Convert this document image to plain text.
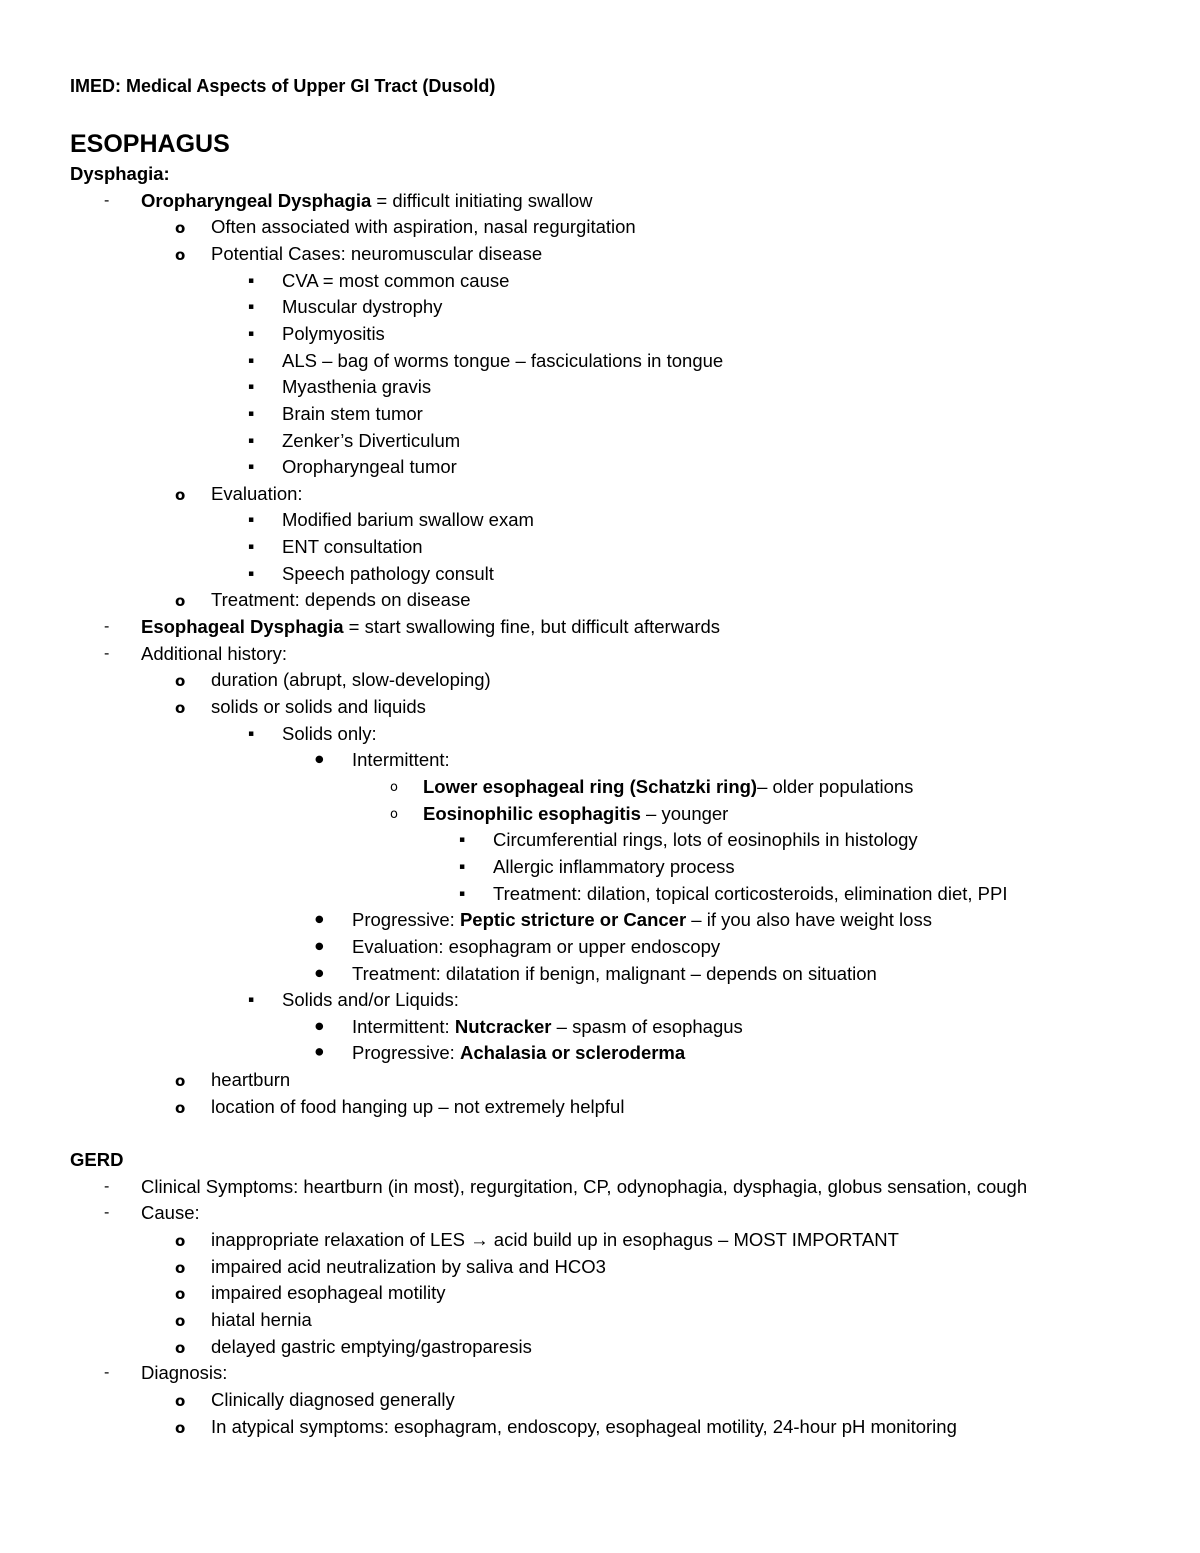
IMED: Medical Aspects of Upper GI Tract (Dusold)
ESOPHAGUS
Dysphagia:
Oropharyngeal Dysphagia = difficult initiating swallow
-
Often associated with aspiration, nasal regurgitation
o
Potential Cases: neuromuscular disease
o
CVA = most common cause
▪
Muscular dystrophy
▪
Polymyositis
▪
ALS – bag of worms tongue – fasciculations in tongue
▪
Myasthenia gravis
▪
Brain stem tumor
▪
Zenker’s Diverticulum
▪
Oropharyngeal tumor
▪
Evaluation:
o
Modified barium swallow exam
▪
ENT consultation
▪
Speech pathology consult
▪
Treatment: depends on disease
o
Esophageal Dysphagia = start swallowing fine, but difficult afterwards
-
Additional history:
-
duration (abrupt, slow-developing)
o
solids or solids and liquids
o
Solids only:
▪
Intermittent:
●
Lower esophageal ring (Schatzki ring)– older populations
o
Eosinophilic esophagitis – younger
o
Circumferential rings, lots of eosinophils in histology
▪
Allergic inflammatory process
▪
Treatment: dilation, topical corticosteroids, elimination diet, PPI
▪
Progressive: Peptic stricture or Cancer – if you also have weight loss
●
Evaluation: esophagram or upper endoscopy
●
Treatment: dilatation if benign, malignant – depends on situation
●
Solids and/or Liquids:
▪
Intermittent: Nutcracker – spasm of esophagus
●
Progressive: Achalasia or scleroderma
●
heartburn
o
location of food hanging up – not extremely helpful
o
GERD
Clinical Symptoms: heartburn (in most), regurgitation, CP, odynophagia, dysphagia, globus sensation, cough
-
Cause:
-
inappropriate relaxation of LES → acid build up in esophagus – MOST IMPORTANT
o
impaired acid neutralization by saliva and HCO3
o
impaired esophageal motility
o
hiatal hernia
o
delayed gastric emptying/gastroparesis
o
Diagnosis:
-
Clinically diagnosed generally
o
In atypical symptoms: esophagram, endoscopy, esophageal motility, 24-hour pH monitoring
o
